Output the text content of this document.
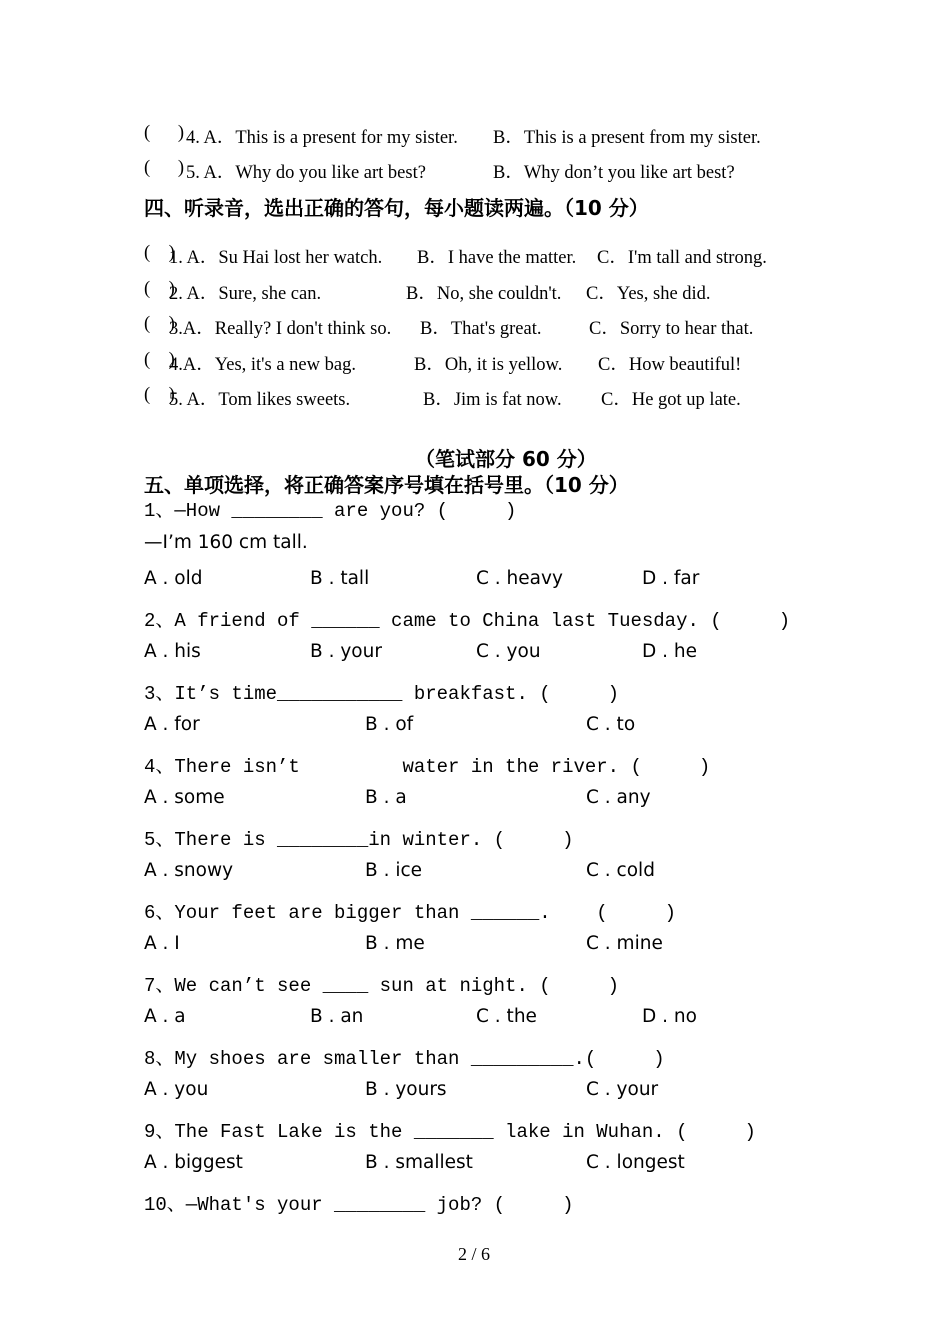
(      ) 4. A．This is a present for my sister. B．This is a present from my sister.
(      ) 5. A．Why do you like art best?	B．Why don’t you like art best?
四、听录音，选出正确的答句，每小题读两遍。（10 分）
(    )
1. A．Su Hai lost her watch. B．I have the matter. C．I'm tall and strong.
(    )
2. A．Sure, she can.	B．No, she couldn't. C．Yes, she did.
(    )
3.A．Really? I don't think so. B．That's great.	C．Sorry to hear that.
(    )
4.A．Yes, it's a new bag.	B．Oh, it is yellow. C．How beautiful!
(    )
5. A．Tom likes sweets.	B．Jim is fat now. C．He got up late.
（笔试部分 60 分）
五、单项选择，将正确答案序号填在括号里。（10 分）
1、—How ________ are you? (     )
—I’m 160 cm tall.
A . old	B . tall	C . heavy	D . far
2、A friend of ______ came to China last Tuesday. (     )
A . his	B . your	C . you	D . he
3、It’s time___________ breakfast. (     )
A . for	B . of	C . to
4、There isn’t         water in the river. (     )
A . some	B . a	C . any
5、There is ________in winter. (     )
A . snowy	B . ice	C . cold
6、Your feet are bigger than ______.    (     )
A . I	B . me	C . mine
7、We can’t see ____ sun at night. (     )
A . a	B . an	C . the	D . no
8、My shoes are smaller than _________.(     )
A . you	B . yours	C . your
9、The Fast Lake is the _______ lake in Wuhan. (     )
A . biggest	B . smallest	C . longest
10、—What's your ________ job? (     )
2 / 6
